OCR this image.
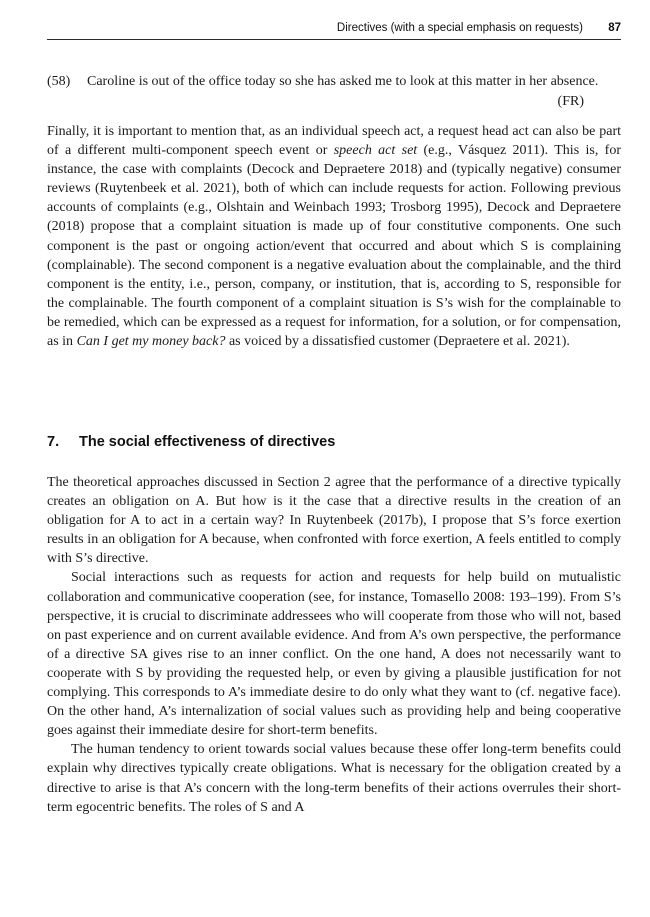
Directives (with a special emphasis on requests) 87
(58) Caroline is out of the office today so she has asked me to look at this matter in her absence.
(FR)

Finally, it is important to mention that, as an individual speech act, a request head act can also be part of a different multi-component speech event or speech act set (e.g., Vásquez 2011). This is, for instance, the case with complaints (Decock and Depraetere 2018) and (typically negative) consumer reviews (Ruytenbeek et al. 2021), both of which can include requests for action. Following previous accounts of complaints (e.g., Olshtain and Weinbach 1993; Trosborg 1995), Decock and Depraetere (2018) propose that a complaint situation is made up of four constitutive components. One such component is the past or ongoing action/event that occurred and about which S is complaining (complainable). The second component is a negative evaluation about the complainable, and the third component is the entity, i.e., person, company, or institution, that is, according to S, responsible for the complainable. The fourth component of a complaint situation is S’s wish for the complainable to be remedied, which can be expressed as a request for information, for a solution, or for compensation, as in Can I get my money back? as voiced by a dissatisfied customer (Depraetere et al. 2021).

7. The social effectiveness of directives

The theoretical approaches discussed in Section 2 agree that the performance of a directive typically creates an obligation on A. But how is it the case that a directive results in the creation of an obligation for A to act in a certain way? In Ruytenbeek (2017b), I propose that S’s force exertion results in an obligation for A because, when confronted with force exertion, A feels entitled to comply with S’s directive.

Social interactions such as requests for action and requests for help build on mutualistic collaboration and communicative cooperation (see, for instance, Tomasello 2008: 193–199). From S’s perspective, it is crucial to discriminate addressees who will cooperate from those who will not, based on past experience and on current available evidence. And from A’s own perspective, the performance of a directive SA gives rise to an inner conflict. On the one hand, A does not necessarily want to cooperate with S by providing the requested help, or even by giving a plausible justification for not complying. This corresponds to A’s immediate desire to do only what they want to (cf. negative face). On the other hand, A’s internalization of social values such as providing help and being cooperative goes against their immediate desire for short-term benefits.

The human tendency to orient towards social values because these offer long-term benefits could explain why directives typically create obligations. What is necessary for the obligation created by a directive to arise is that A’s concern with the long-term benefits of their actions overrules their short-term egocentric benefits. The roles of S and A
